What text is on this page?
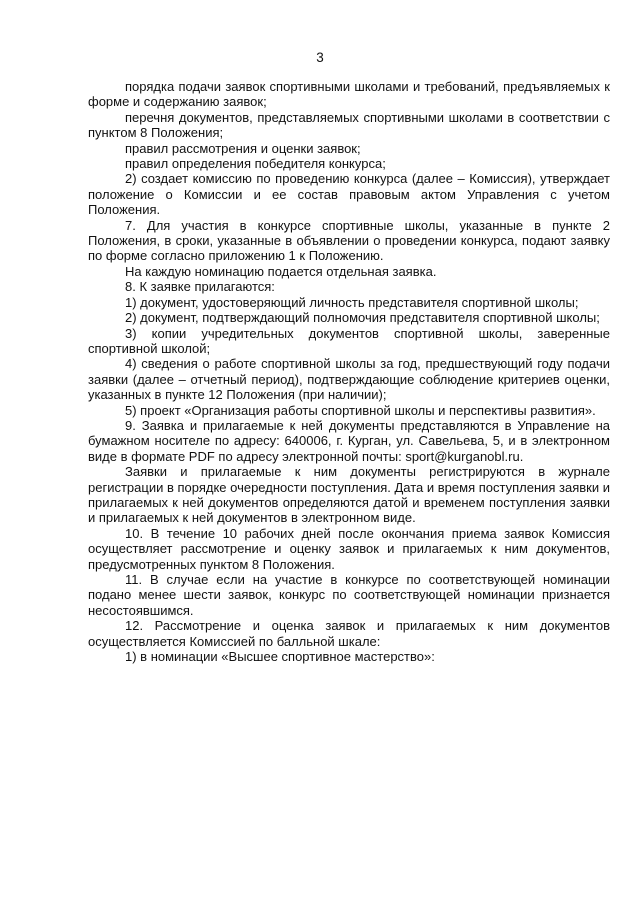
3

порядка подачи заявок спортивными школами и требований, предъявляемых к форме и содержанию заявок;

перечня документов, представляемых спортивными школами в соответствии с пунктом 8 Положения;

правил рассмотрения и оценки заявок;

правил определения победителя конкурса;

2) создает комиссию по проведению конкурса (далее – Комиссия), утверждает положение о Комиссии и ее состав правовым актом Управления с учетом Положения.

7. Для участия в конкурсе спортивные школы, указанные в пункте 2 Положения, в сроки, указанные в объявлении о проведении конкурса, подают заявку по форме согласно приложению 1 к Положению.

На каждую номинацию подается отдельная заявка.

8. К заявке прилагаются:

1) документ, удостоверяющий личность представителя спортивной школы;

2) документ, подтверждающий полномочия представителя спортивной школы;

3) копии учредительных документов спортивной школы, заверенные спортивной школой;

4) сведения о работе спортивной школы за год, предшествующий году подачи заявки (далее – отчетный период), подтверждающие соблюдение критериев оценки, указанных в пункте 12 Положения (при наличии);

5) проект «Организация работы спортивной школы и перспективы развития».

9. Заявка и прилагаемые к ней документы представляются в Управление на бумажном носителе по адресу: 640006, г. Курган, ул. Савельева, 5, и в электронном виде в формате PDF по адресу электронной почты: sport@kurganobl.ru.

Заявки и прилагаемые к ним документы регистрируются в журнале регистрации в порядке очередности поступления. Дата и время поступления заявки и прилагаемых к ней документов определяются датой и временем поступления заявки и прилагаемых к ней документов в электронном виде.

10. В течение 10 рабочих дней после окончания приема заявок Комиссия осуществляет рассмотрение и оценку заявок и прилагаемых к ним документов, предусмотренных пунктом 8 Положения.

11. В случае если на участие в конкурсе по соответствующей номинации подано менее шести заявок, конкурс по соответствующей номинации признается несостоявшимся.

12. Рассмотрение и оценка заявок и прилагаемых к ним документов осуществляется Комиссией по балльной шкале:

1) в номинации «Высшее спортивное мастерство»:
